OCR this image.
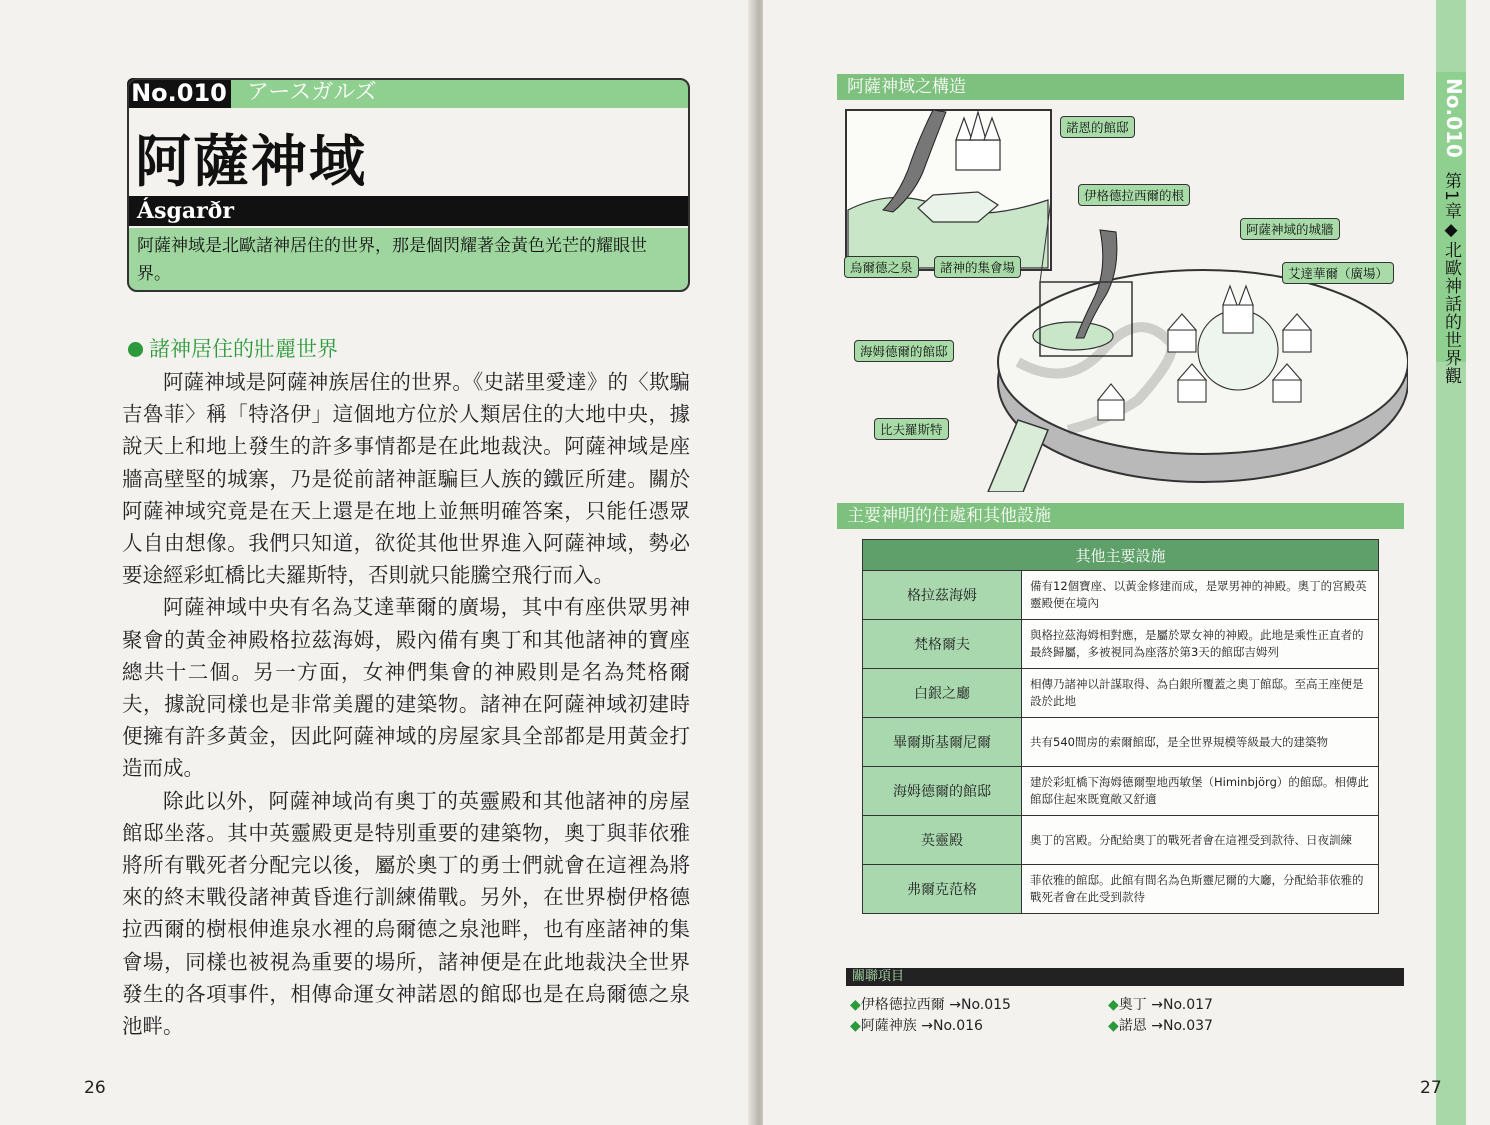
No.010 アースガルズ
阿薩神域
Ásgarðr
阿薩神域是北歐諸神居住的世界，那是個閃耀著金黃色光芒的耀眼世界。
諸神居住的壯麗世界

阿薩神域是阿薩神族居住的世界。《史諾里愛達》的〈欺騙吉魯菲〉稱「特洛伊」這個地方位於人類居住的大地中央，據說天上和地上發生的許多事情都是在此地裁決。阿薩神域是座牆高壁堅的城寨，乃是從前諸神誆騙巨人族的鐵匠所建。關於阿薩神域究竟是在天上還是在地上並無明確答案，只能任憑眾人自由想像。我們只知道，欲從其他世界進入阿薩神域，勢必要途經彩虹橋比夫羅斯特，否則就只能騰空飛行而入。

阿薩神域中央有名為艾達華爾的廣場，其中有座供眾男神聚會的黃金神殿格拉茲海姆，殿內備有奧丁和其他諸神的寶座總共十二個。另一方面，女神們集會的神殿則是名為梵格爾夫，據說同樣也是非常美麗的建築物。諸神在阿薩神域初建時便擁有許多黃金，因此阿薩神域的房屋家具全部都是用黃金打造而成。

除此以外，阿薩神域尚有奧丁的英靈殿和其他諸神的房屋館邸坐落。其中英靈殿更是特別重要的建築物，奧丁與菲依雅將所有戰死者分配完以後，屬於奧丁的勇士們就會在這裡為將來的終末戰役諸神黃昏進行訓練備戰。另外，在世界樹伊格德拉西爾的樹根伸進泉水裡的烏爾德之泉池畔，也有座諸神的集會場，同樣也被視為重要的場所，諸神便是在此地裁決全世界發生的各項事件，相傳命運女神諾恩的館邸也是在烏爾德之泉池畔。

26
No.010
第1章◆北歐神話的世界觀
阿薩神域之構造
諾恩的館邸
伊格德拉西爾的根
阿薩神域的城牆
艾達華爾（廣場）
烏爾德之泉	諸神的集會場
海姆德爾的館邸
比夫羅斯特
主要神明的住處和其他設施
其他主要設施	
格拉茲海姆	備有12個寶座、以黃金修建而成，是眾男神的神殿。奧丁的宮殿英靈殿便在境內
梵格爾夫	與格拉茲海姆相對應，是屬於眾女神的神殿。此地是乘性正直者的最終歸屬，多被視同為座落於第3天的館邸吉姆列
白銀之廳	相傳乃諸神以計謀取得、為白銀所覆蓋之奧丁館邸。至高王座便是設於此地
畢爾斯基爾尼爾	共有540間房的索爾館邸，是全世界規模等級最大的建築物
海姆德爾的館邸	建於彩虹橋下海姆德爾聖地西敏堡（Himinbjörg）的館邸。相傳此館邸住起來既寬敞又舒適
英靈殿	奧丁的宮殿。分配給奧丁的戰死者會在這裡受到款待、日夜訓練
弗爾克范格	菲依雅的館邸。此館有間名為色斯靈尼爾的大廳，分配給菲依雅的戰死者會在此受到款待
關聯項目
◆伊格德拉西爾 →No.015
◆阿薩神族 →No.016
◆奧丁 →No.017
◆諾恩 →No.037
27
